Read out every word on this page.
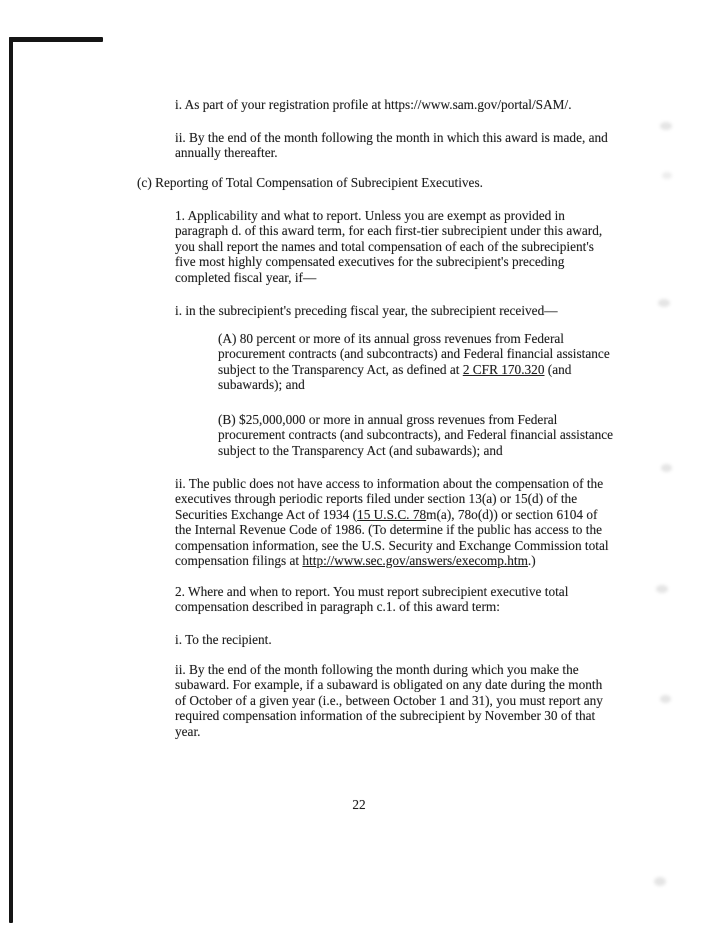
i. As part of your registration profile at https://www.sam.gov/portal/SAM/.
ii. By the end of the month following the month in which this award is made, and
annually thereafter.
(c) Reporting of Total Compensation of Subrecipient Executives.
1. Applicability and what to report. Unless you are exempt as provided in
paragraph d. of this award term, for each first-tier subrecipient under this award,
you shall report the names and total compensation of each of the subrecipient's
five most highly compensated executives for the subrecipient's preceding
completed fiscal year, if—
i. in the subrecipient's preceding fiscal year, the subrecipient received—
(A) 80 percent or more of its annual gross revenues from Federal
procurement contracts (and subcontracts) and Federal financial assistance
subject to the Transparency Act, as defined at 2 CFR 170.320 (and
subawards); and
(B) $25,000,000 or more in annual gross revenues from Federal
procurement contracts (and subcontracts), and Federal financial assistance
subject to the Transparency Act (and subawards); and
ii. The public does not have access to information about the compensation of the
executives through periodic reports filed under section 13(a) or 15(d) of the
Securities Exchange Act of 1934 (15 U.S.C. 78m(a), 78o(d)) or section 6104 of
the Internal Revenue Code of 1986. (To determine if the public has access to the
compensation information, see the U.S. Security and Exchange Commission total
compensation filings at http://www.sec.gov/answers/execomp.htm.)
2. Where and when to report. You must report subrecipient executive total
compensation described in paragraph c.1. of this award term:
i. To the recipient.
ii. By the end of the month following the month during which you make the
subaward. For example, if a subaward is obligated on any date during the month
of October of a given year (i.e., between October 1 and 31), you must report any
required compensation information of the subrecipient by November 30 of that
year.
22
